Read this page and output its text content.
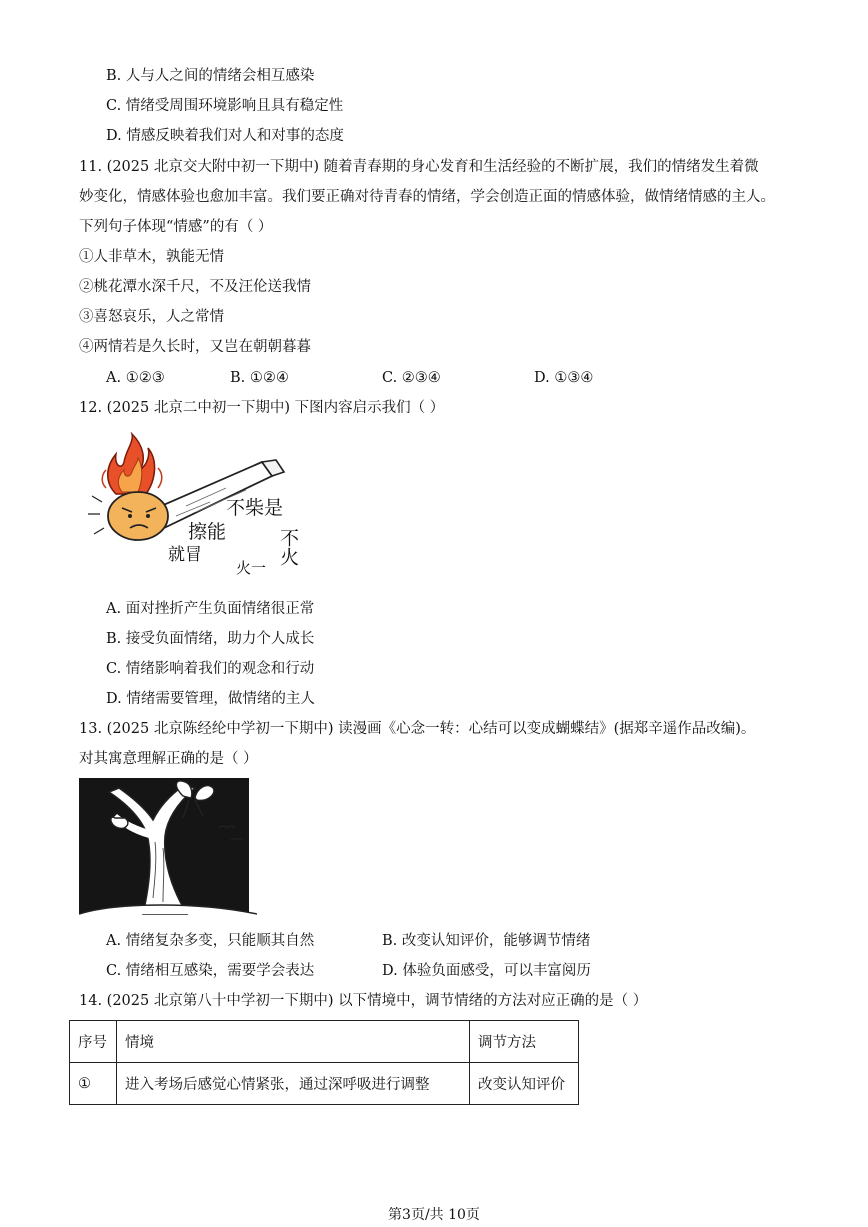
B. 人与人之间的情绪会相互感染
C. 情绪受周围环境影响且具有稳定性
D. 情感反映着我们对人和对事的态度
11. (2025 北京交大附中初一下期中) 随着青春期的身心发育和生活经验的不断扩展，我们的情绪发生着微
妙变化，情感体验也愈加丰富。我们要正确对待青春的情绪，学会创造正面的情感体验，做情绪情感的主人。
下列句子体现“情感”的有（ ）
①人非草木，孰能无情
②桃花潭水深千尺，不及汪伦送我情
③喜怒哀乐，人之常情
④两情若是久长时，又岂在朝朝暮暮
A. ①②③	B. ①②④	C. ②③④	D. ①③④
12. (2025 北京二中初一下期中) 下图内容启示我们（ ）
不火
不柴是
擦能
就冒
火一
A. 面对挫折产生负面情绪很正常
B. 接受负面情绪，助力个人成长
C. 情绪影响着我们的观念和行动
D. 情绪需要管理，做情绪的主人
13. (2025 北京陈经纶中学初一下期中) 读漫画《心念一转：心结可以变成蝴蝶结》(据郑辛遥作品改编)。
对其寓意理解正确的是（ ）
A. 情绪复杂多变，只能顺其自然	B. 改变认知评价，能够调节情绪
C. 情绪相互感染，需要学会表达	D. 体验负面感受，可以丰富阅历
14. (2025 北京第八十中学初一下期中) 以下情境中，调节情绪的方法对应正确的是（ ）
序号	情境	调节方法
①	进入考场后感觉心情紧张，通过深呼吸进行调整	改变认知评价
第3页/共 10页
